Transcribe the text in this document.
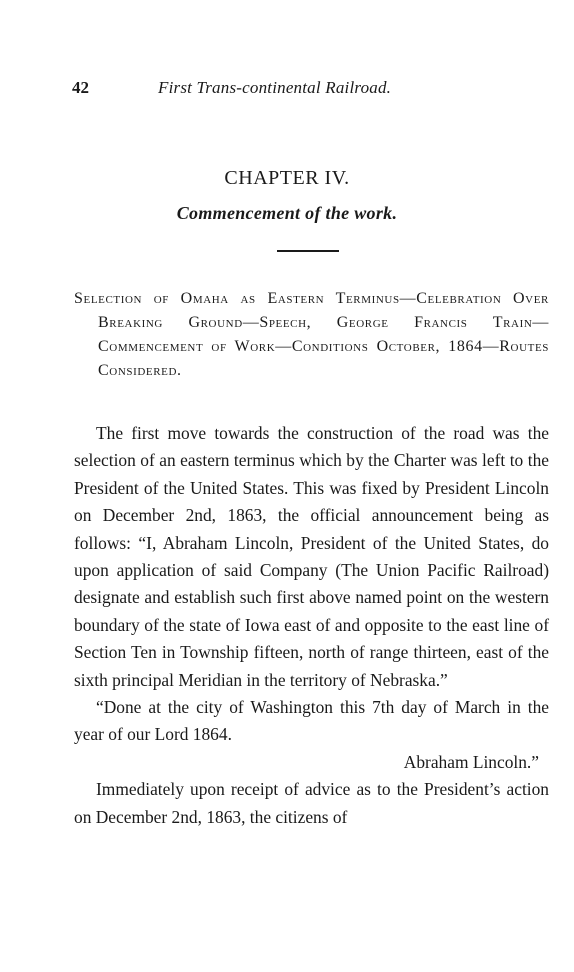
42	First Trans-continental Railroad.
CHAPTER IV.
Commencement of the work.
Selection of Omaha as Eastern Terminus—Celebration Over Breaking Ground—Speech, George Francis Train—Commencement of Work—Conditions October, 1864—Routes Considered.

The first move towards the construction of the road was the selection of an eastern terminus which by the Charter was left to the President of the United States. This was fixed by President Lincoln on December 2nd, 1863, the official announcement being as follows: “I, Abraham Lincoln, President of the United States, do upon application of said Company (The Union Pacific Railroad) designate and establish such first above named point on the western boundary of the state of Iowa east of and opposite to the east line of Section Ten in Township fifteen, north of range thirteen, east of the sixth principal Meridian in the territory of Nebraska.”

“Done at the city of Washington this 7th day of March in the year of our Lord 1864.

Abraham Lincoln.”

Immediately upon receipt of advice as to the President’s action on December 2nd, 1863, the citizens of
